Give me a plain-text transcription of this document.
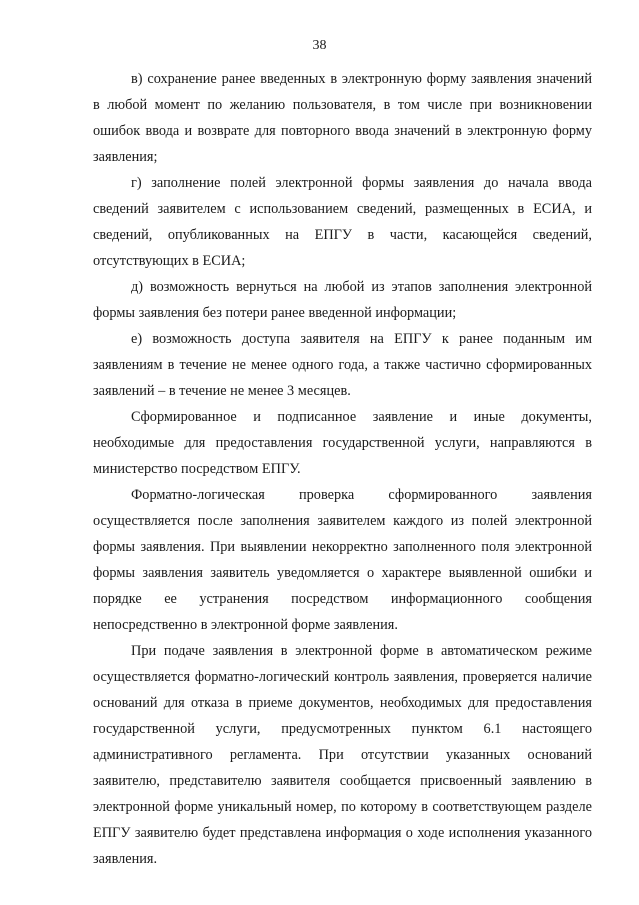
38

в) сохранение ранее введенных в электронную форму заявления значений в любой момент по желанию пользователя, в том числе при возникновении ошибок ввода и возврате для повторного ввода значений в электронную форму заявления;

г) заполнение полей электронной формы заявления до начала ввода сведений заявителем с использованием сведений, размещенных в ЕСИА, и сведений, опубликованных на ЕПГУ в части, касающейся сведений, отсутствующих в ЕСИА;

д) возможность вернуться на любой из этапов заполнения электронной формы заявления без потери ранее введенной информации;

е) возможность доступа заявителя на ЕПГУ к ранее поданным им заявлениям в течение не менее одного года, а также частично сформированных заявлений – в течение не менее 3 месяцев.

Сформированное и подписанное заявление и иные документы, необходимые для предоставления государственной услуги, направляются в министерство посредством ЕПГУ.

Форматно-логическая проверка сформированного заявления осуществляется после заполнения заявителем каждого из полей электронной формы заявления. При выявлении некорректно заполненного поля электронной формы заявления заявитель уведомляется о характере выявленной ошибки и порядке ее устранения посредством информационного сообщения непосредственно в электронной форме заявления.

При подаче заявления в электронной форме в автоматическом режиме осуществляется форматно-логический контроль заявления, проверяется наличие оснований для отказа в приеме документов, необходимых для предоставления государственной услуги, предусмотренных пунктом 6.1 настоящего административного регламента. При отсутствии указанных оснований заявителю, представителю заявителя сообщается присвоенный заявлению в электронной форме уникальный номер, по которому в соответствующем разделе ЕПГУ заявителю будет представлена информация о ходе исполнения указанного заявления.
